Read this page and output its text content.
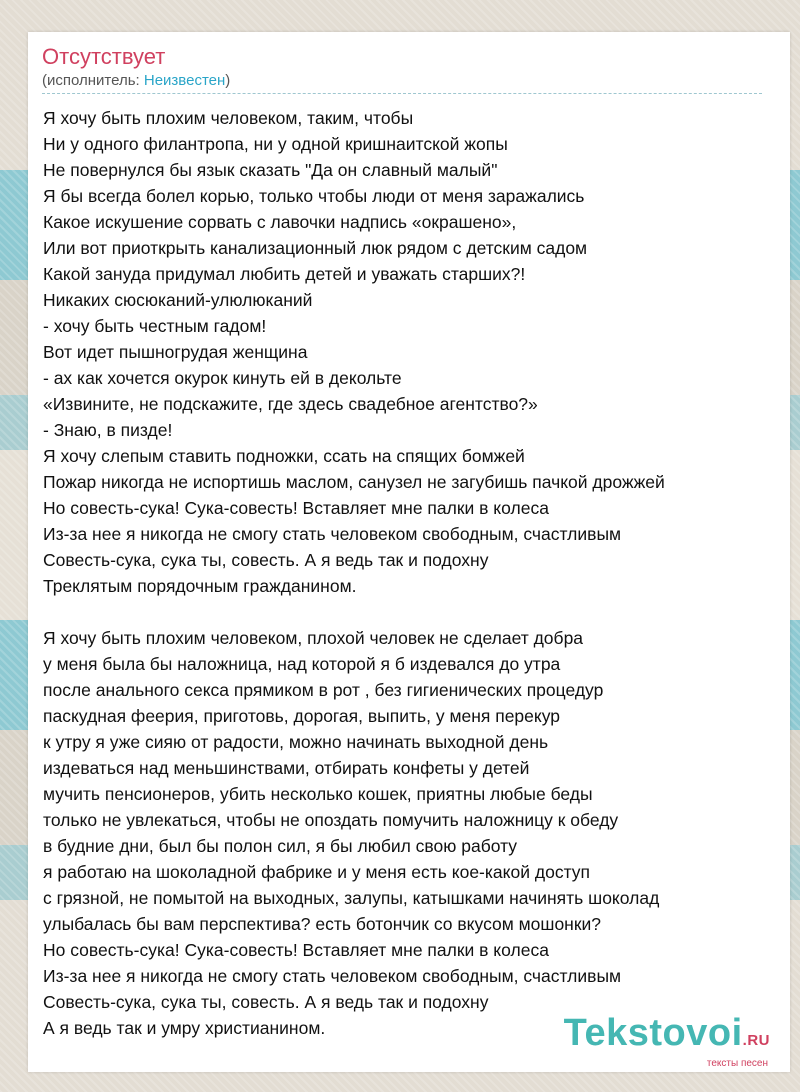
Отсутствует
(исполнитель: Неизвестен)
Я хочу быть плохим человеком, таким, чтобы
Ни у одного филантропа, ни у одной кришнаитской жопы
Не повернулся бы язык сказать "Да он славный малый"
Я бы всегда болел корью, только чтобы люди от меня заражались
Какое искушение сорвать с лавочки надпись «окрашено»,
Или вот приоткрыть канализационный люк рядом с детским садом
Какой зануда придумал любить детей и уважать старших?!
Никаких сюсюканий-улюлюканий
- хочу быть честным гадом!
Вот идет пышногрудая женщина
- ах как хочется окурок кинуть ей в декольте
«Извините, не подскажите, где здесь свадебное агентство?»
- Знаю, в пизде!
Я хочу слепым ставить подножки, ссать на спящих бомжей
Пожар никогда не испортишь маслом, санузел не загубишь пачкой дрожжей
Но совесть-сука! Сука-совесть! Вставляет мне палки в колеса
Из-за нее я никогда не смогу стать человеком свободным, счастливым
Совесть-сука, сука ты, совесть. А я ведь так и подохну
Треклятым порядочным гражданином.
Я хочу быть плохим человеком, плохой человек не сделает добра
у меня была бы наложница, над которой я б издевался до утра
после анального секса прямиком в рот , без гигиенических процедур
паскудная феерия, приготовь, дорогая, выпить, у меня перекур
к утру я уже сияю от радости, можно начинать выходной день
издеваться над меньшинствами, отбирать конфеты у детей
мучить пенсионеров, убить несколько кошек, приятны любые беды
только не увлекаться, чтобы не опоздать помучить наложницу к обеду
в будние дни, был бы полон сил, я бы любил свою работу
я работаю на шоколадной фабрике и у меня есть кое-какой доступ
с грязной, не помытой на выходных, залупы, катышками начинять шоколад
улыбалась бы вам перспектива? есть ботончик со вкусом мошонки?
Но совесть-сука! Сука-совесть! Вставляет мне палки в колеса
Из-за нее я никогда не смогу стать человеком свободным, счастливым
Совесть-сука, сука ты, совесть. А я ведь так и подохну
А я ведь так и умру христианином.	Tekstovoi.RU
тексты песен
